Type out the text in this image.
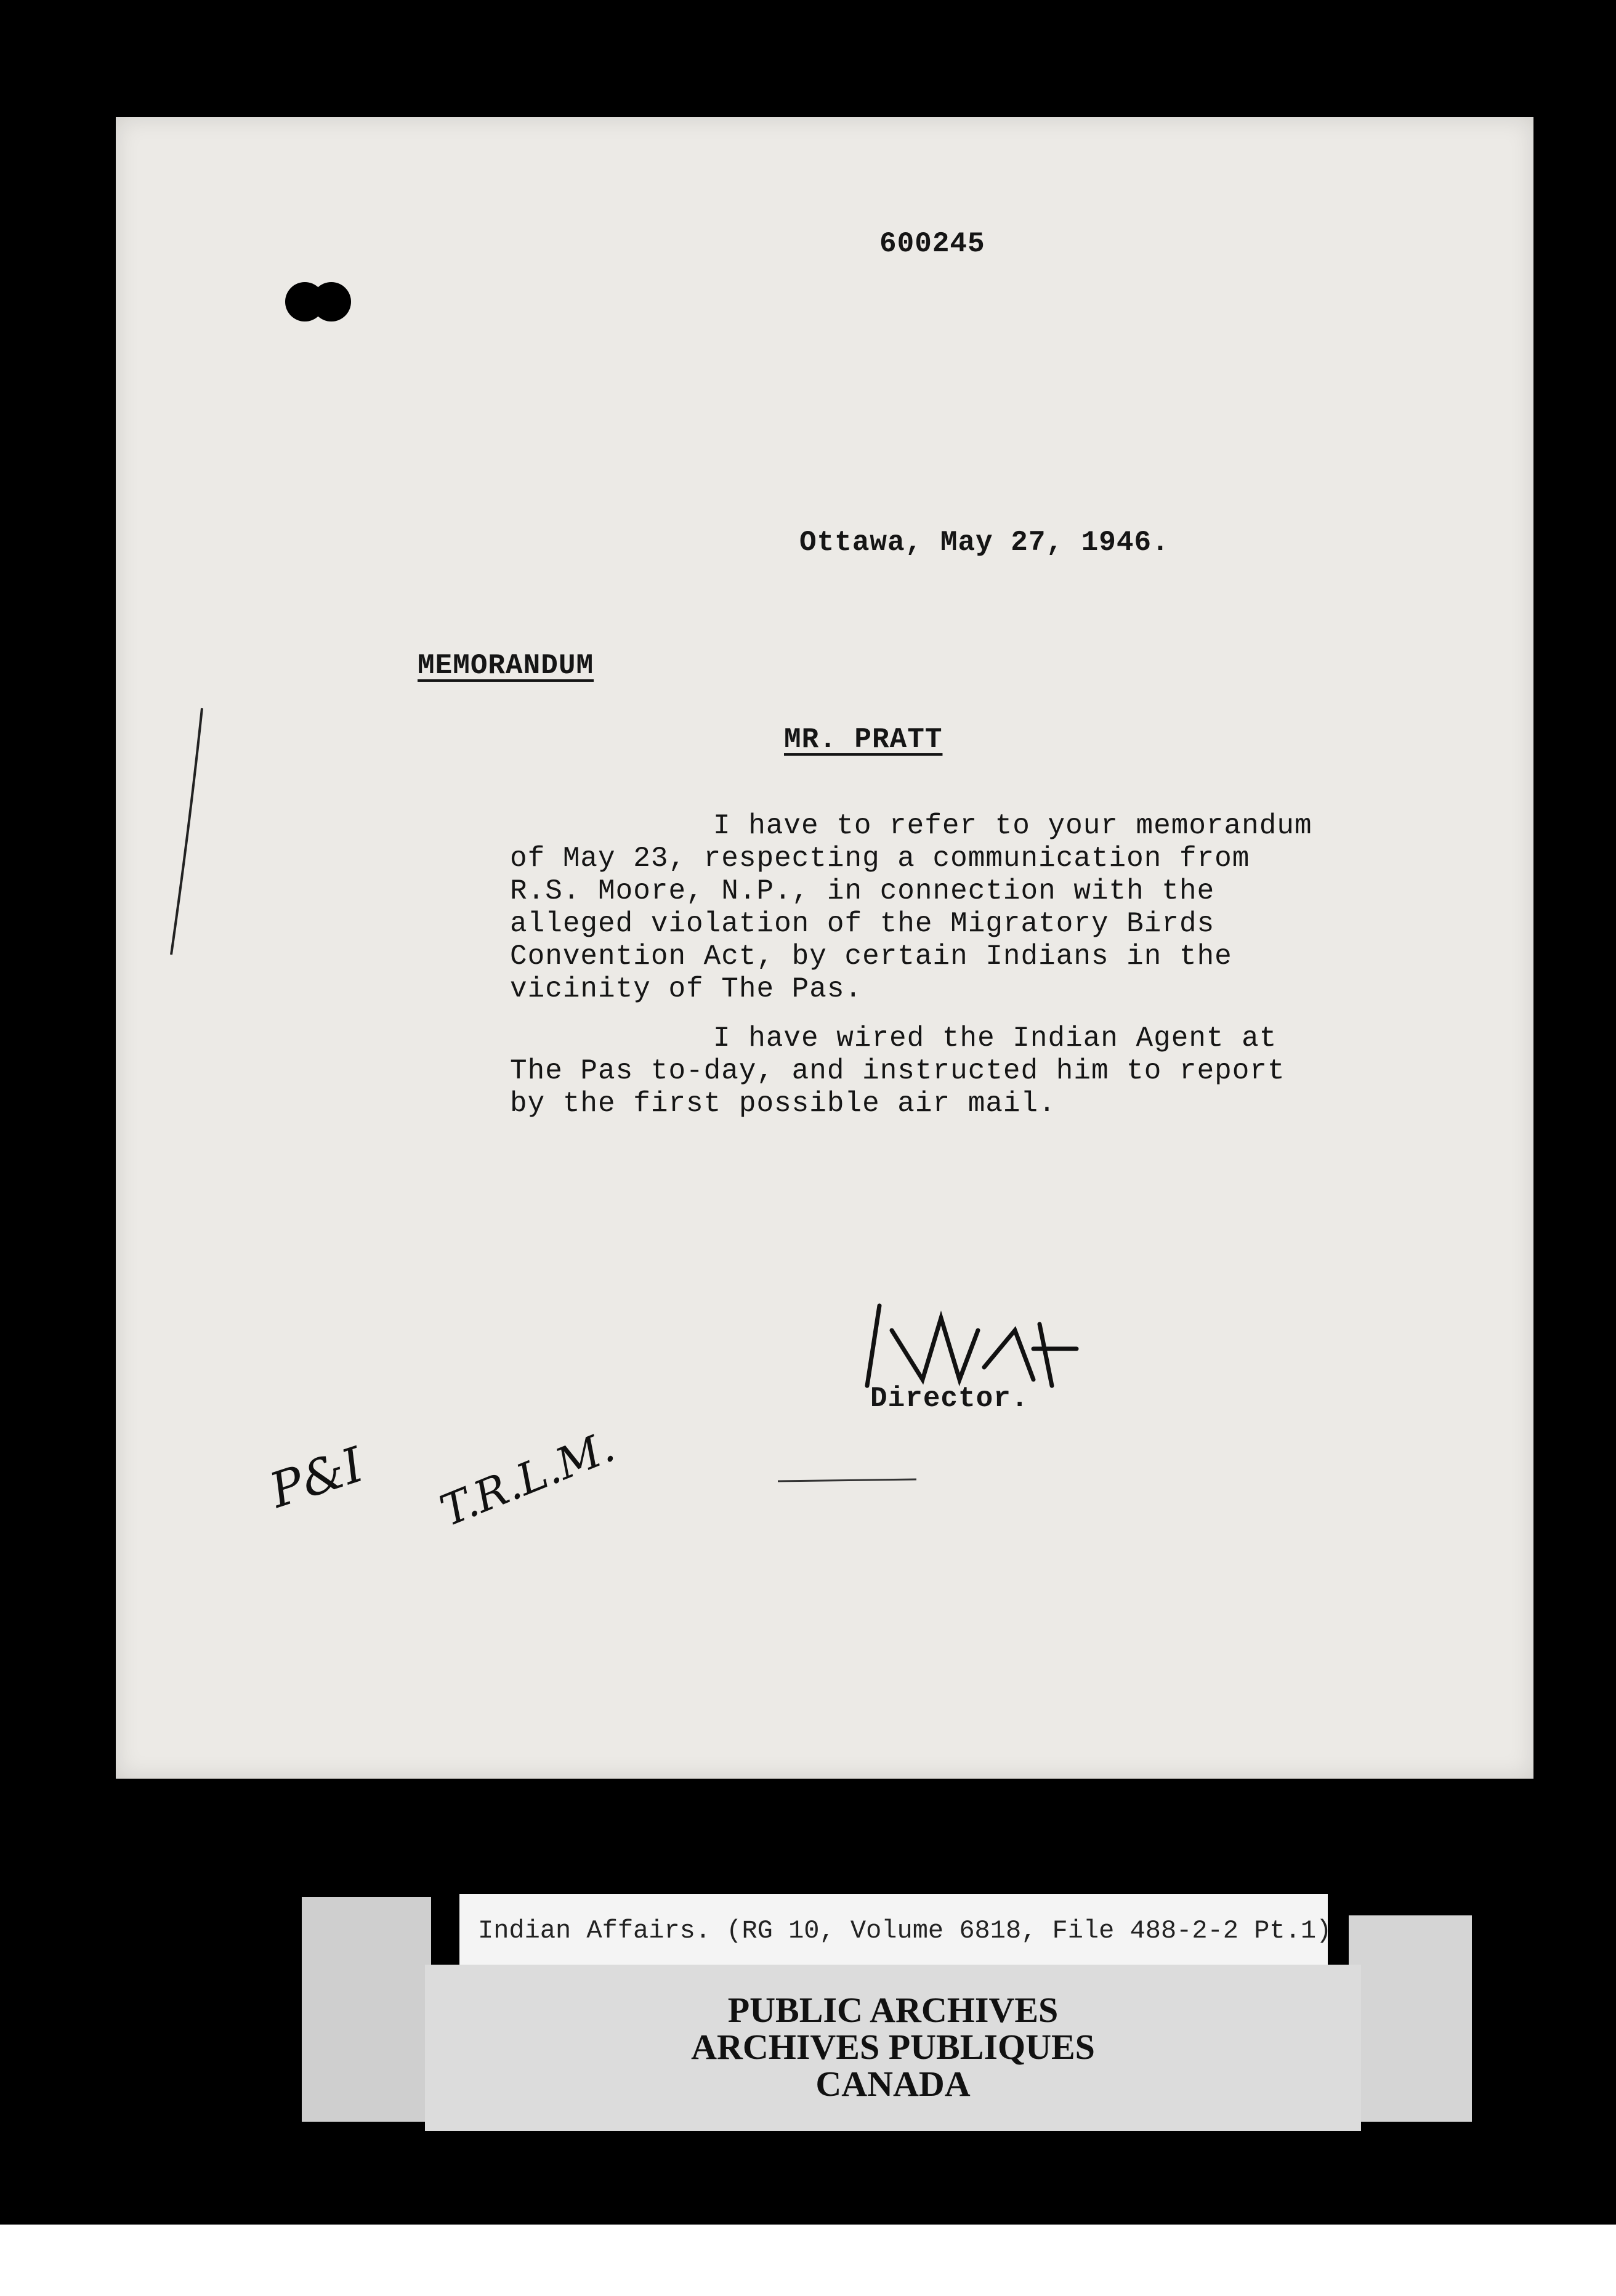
600245
Ottawa, May 27, 1946.
MEMORANDUM
MR. PRATT
I have to refer to your memorandum
of May 23, respecting a communication from
R.S. Moore, N.P., in connection with the
alleged violation of the Migratory Birds
Convention Act, by certain Indians in the
vicinity of The Pas.
I have wired the Indian Agent at
The Pas to-day, and instructed him to report
by the first possible air mail.
Director.
P&I T.R.L.M.
Indian Affairs. (RG 10, Volume 6818, File 488-2-2 Pt.1)
PUBLIC ARCHIVES
ARCHIVES PUBLIQUES
CANADA
